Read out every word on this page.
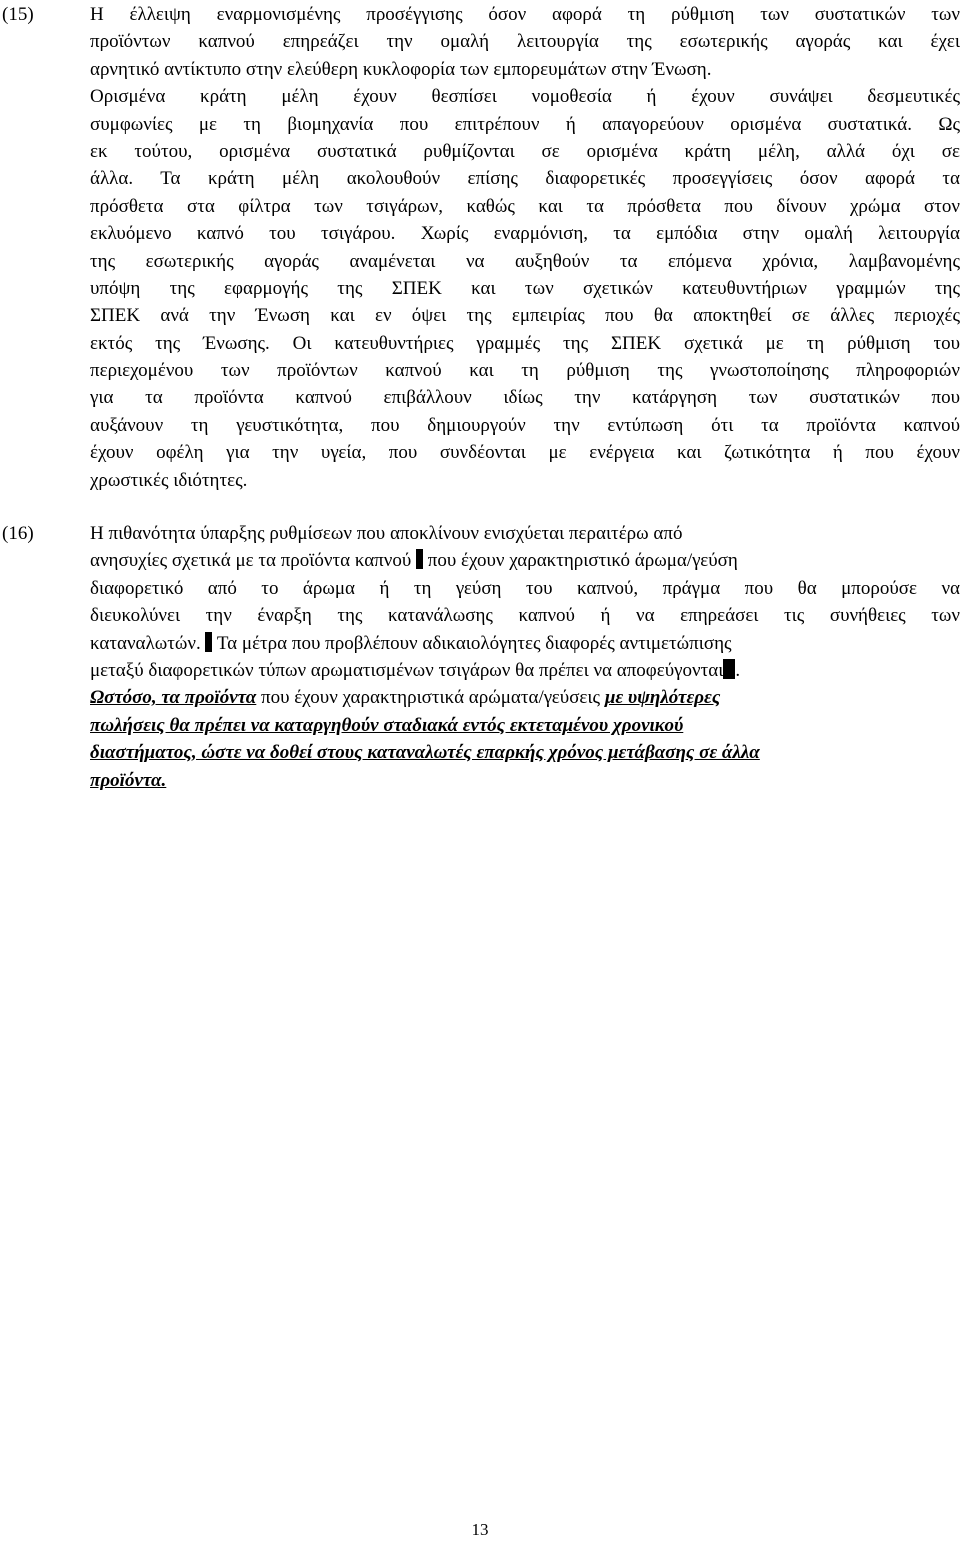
(15)	Η έλλειψη εναρμονισμένης προσέγγισης όσον αφορά τη ρύθμιση των συστατικών των
προϊόντων καπνού επηρεάζει την ομαλή λειτουργία της εσωτερικής αγοράς και έχει
αρνητικό αντίκτυπο στην ελεύθερη κυκλοφορία των εμπορευμάτων στην Ένωση.
Ορισμένα κράτη μέλη έχουν θεσπίσει νομοθεσία ή έχουν συνάψει δεσμευτικές
συμφωνίες με τη βιομηχανία που επιτρέπουν ή απαγορεύουν ορισμένα συστατικά. Ως
εκ τούτου, ορισμένα συστατικά ρυθμίζονται σε ορισμένα κράτη μέλη, αλλά όχι σε
άλλα. Τα κράτη μέλη ακολουθούν επίσης διαφορετικές προσεγγίσεις όσον αφορά τα
πρόσθετα στα φίλτρα των τσιγάρων, καθώς και τα πρόσθετα που δίνουν χρώμα στον
εκλυόμενο καπνό του τσιγάρου. Χωρίς εναρμόνιση, τα εμπόδια στην ομαλή λειτουργία
της εσωτερικής αγοράς αναμένεται να αυξηθούν τα επόμενα χρόνια, λαμβανομένης
υπόψη της εφαρμογής της ΣΠΕΚ και των σχετικών κατευθυντήριων γραμμών της
ΣΠΕΚ ανά την Ένωση και εν όψει της εμπειρίας που θα αποκτηθεί σε άλλες περιοχές
εκτός της Ένωσης. Οι κατευθυντήριες γραμμές της ΣΠΕΚ σχετικά με τη ρύθμιση του
περιεχομένου των προϊόντων καπνού και τη ρύθμιση της γνωστοποίησης πληροφοριών
για τα προϊόντα καπνού επιβάλλουν ιδίως την κατάργηση των συστατικών που
αυξάνουν τη γευστικότητα, που δημιουργούν την εντύπωση ότι τα προϊόντα καπνού
έχουν οφέλη για την υγεία, που συνδέονται με ενέργεια και ζωτικότητα ή που έχουν
χρωστικές ιδιότητες.
(16)	Η πιθανότητα ύπαρξης ρυθμίσεων που αποκλίνουν ενισχύεται περαιτέρω από
ανησυχίες σχετικά με τα προϊόντα καπνού που έχουν χαρακτηριστικό άρωμα/γεύση
διαφορετικό από το άρωμα ή τη γεύση του καπνού, πράγμα που θα μπορούσε να
διευκολύνει την έναρξη της κατανάλωσης καπνού ή να επηρεάσει τις συνήθειες των
καταναλωτών. Τα μέτρα που προβλέπουν αδικαιολόγητες διαφορές αντιμετώπισης
μεταξύ διαφορετικών τύπων αρωματισμένων τσιγάρων θα πρέπει να αποφεύγονται .
Ωστόσο, τα προϊόντα που έχουν χαρακτηριστικά αρώματα/γεύσεις με υψηλότερες
πωλήσεις θα πρέπει να καταργηθούν σταδιακά εντός εκτεταμένου χρονικού
διαστήματος, ώστε να δοθεί στους καταναλωτές επαρκής χρόνος μετάβασης σε άλλα
προϊόντα.
13
